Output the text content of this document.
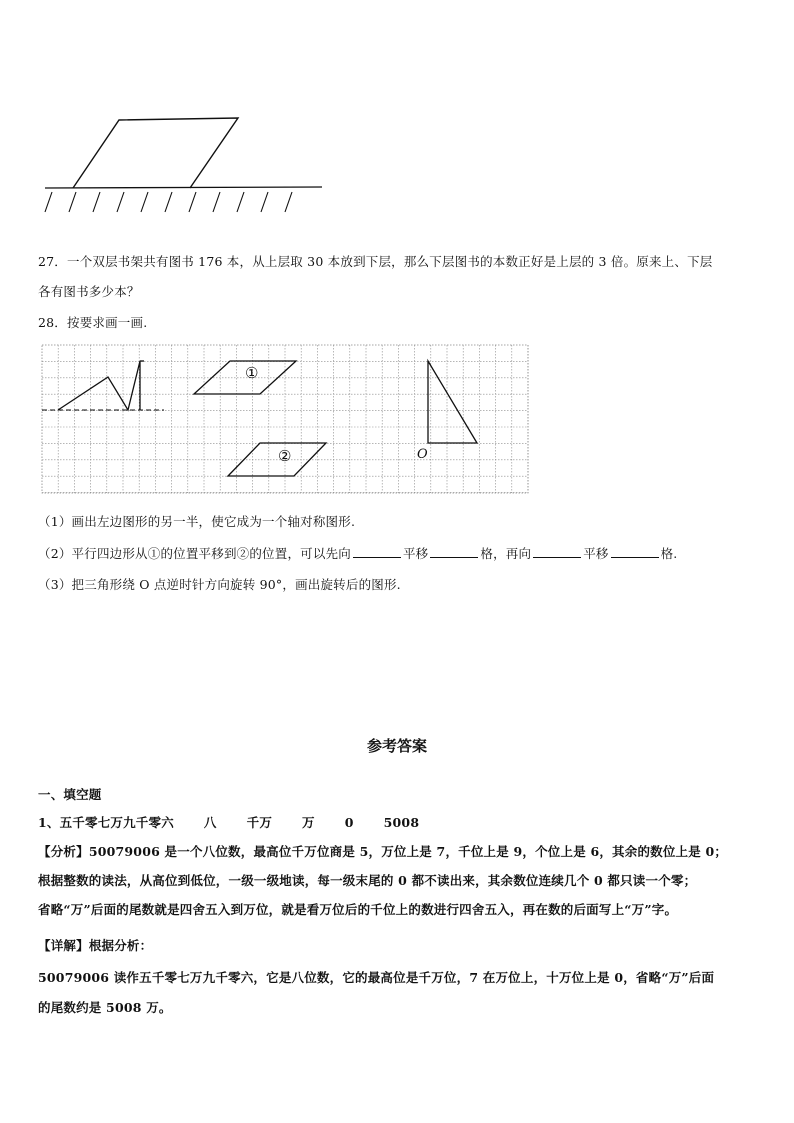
27．一个双层书架共有图书 176 本，从上层取 30 本放到下层，那么下层图书的本数正好是上层的 3 倍。原来上、下层
各有图书多少本？
28．按要求画一画.
①
②	O
（1）画出左边图形的另一半，使它成为一个轴对称图形.
（2）平行四边形从①的位置平移到②的位置，可以先向	平移	格，再向	平移	格.
（3）把三角形绕 O 点逆时针方向旋转 90°，画出旋转后的图形.
参考答案
一、填空题
1、五千零七万九千零六 八 千万 万 0 5008
【分析】50079006 是一个八位数，最高位千万位商是 5，万位上是 7，千位上是 9，个位上是 6，其余的数位上是 0；
根据整数的读法，从高位到低位，一级一级地读，每一级末尾的 0 都不读出来，其余数位连续几个 0 都只读一个零；
省略“万”后面的尾数就是四舍五入到万位，就是看万位后的千位上的数进行四舍五入，再在数的后面写上“万”字。
【详解】根据分析：
50079006 读作五千零七万九千零六，它是八位数，它的最高位是千万位，7 在万位上，十万位上是 0，省略“万”后面
的尾数约是 5008 万。
